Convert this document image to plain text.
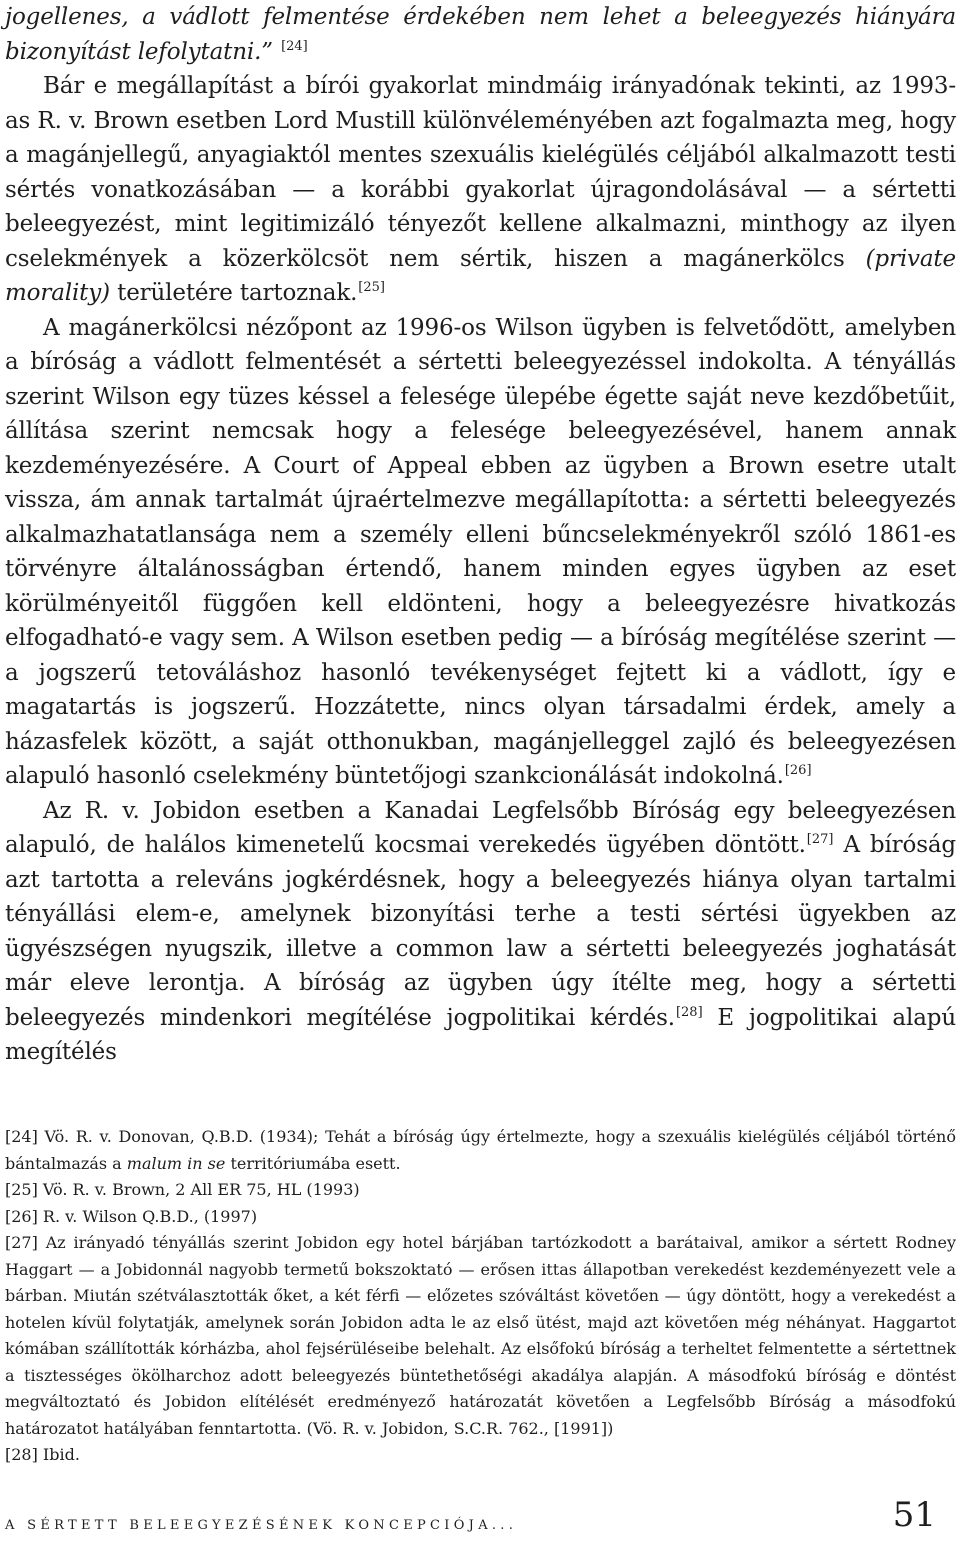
jogellenes, a vádlott felmentése érdekében nem lehet a beleegyezés hiányára bizonyítást lefolytatni.” [24]

Bár e megállapítást a bírói gyakorlat mindmáig irányadónak tekinti, az 1993-as R. v. Brown esetben Lord Mustill különvéleményében azt fogalmazta meg, hogy a magánjellegű, anyagiaktól mentes szexuális kielégülés céljából alkalmazott testi sértés vonatkozásában — a korábbi gyakorlat újragondolásával — a sértetti beleegyezést, mint legitimizáló tényezőt kellene alkalmazni, minthogy az ilyen cselekmények a közerkölcsöt nem sértik, hiszen a magánerkölcs (private morality) területére tartoznak.[25]

A magánerkölcsi nézőpont az 1996-os Wilson ügyben is felvetődött, amelyben a bíróság a vádlott felmentését a sértetti beleegyezéssel indokolta. A tényállás szerint Wilson egy tüzes késsel a felesége ülepébe égette saját neve kezdőbetűit, állítása szerint nemcsak hogy a felesége beleegyezésével, hanem annak kezdeményezésére. A Court of Appeal ebben az ügyben a Brown esetre utalt vissza, ám annak tartalmát újraértelmezve megállapította: a sértetti beleegyezés alkalmazhatatlansága nem a személy elleni bűncselekményekről szóló 1861-es törvényre általánosságban értendő, hanem minden egyes ügyben az eset körülményeitől függően kell eldönteni, hogy a beleegyezésre hivatkozás elfogadható-e vagy sem. A Wilson esetben pedig — a bíróság megítélése szerint — a jogszerű tetováláshoz hasonló tevékenységet fejtett ki a vádlott, így e magatartás is jogszerű. Hozzátette, nincs olyan társadalmi érdek, amely a házasfelek között, a saját otthonukban, magánjelleggel zajló és beleegyezésen alapuló hasonló cselekmény büntetőjogi szankcionálását indokolná.[26]

Az R. v. Jobidon esetben a Kanadai Legfelsőbb Bíróság egy beleegyezésen alapuló, de halálos kimenetelű kocsmai verekedés ügyében döntött.[27] A bíróság azt tartotta a releváns jogkérdésnek, hogy a beleegyezés hiánya olyan tartalmi tényállási elem-e, amelynek bizonyítási terhe a testi sértési ügyekben az ügyészségen nyugszik, illetve a common law a sértetti beleegyezés joghatását már eleve lerontja. A bíróság az ügyben úgy ítélte meg, hogy a sértetti beleegyezés mindenkori megítélése jogpolitikai kérdés.[28] E jogpolitikai alapú megítélés

[24] Vö. R. v. Donovan, Q.B.D. (1934); Tehát a bíróság úgy értelmezte, hogy a szexuális kielégülés céljából történő bántalmazás a malum in se territóriumába esett.

[25] Vö. R. v. Brown, 2 All ER 75, HL (1993)

[26] R. v. Wilson Q.B.D., (1997)

[27] Az irányadó tényállás szerint Jobidon egy hotel bárjában tartózkodott a barátaival, amikor a sértett Rodney Haggart — a Jobidonnál nagyobb termetű bokszoktató — erősen ittas állapotban verekedést kezdeményezett vele a bárban. Miután szétválasztották őket, a két férfi — előzetes szóváltást követően — úgy döntött, hogy a verekedést a hotelen kívül folytatják, amelynek során Jobidon adta le az első ütést, majd azt követően még néhányat. Haggartot kómában szállították kórházba, ahol fejsérüléseibe belehalt. Az elsőfokú bíróság a terheltet felmentette a sértettnek a tisztességes ökölharchoz adott beleegyezés büntethetőségi akadálya alapján. A másodfokú bíróság e döntést megváltoztató és Jobidon elítélését eredményező határozatát követően a Legfelsőbb Bíróság a másodfokú határozatot hatályában fenntartotta. (Vö. R. v. Jobidon, S.C.R. 762., [1991])

[28] Ibid.

A SÉRTETT BELEEGYEZÉSÉNEK KONCEPCIÓJA...	51
